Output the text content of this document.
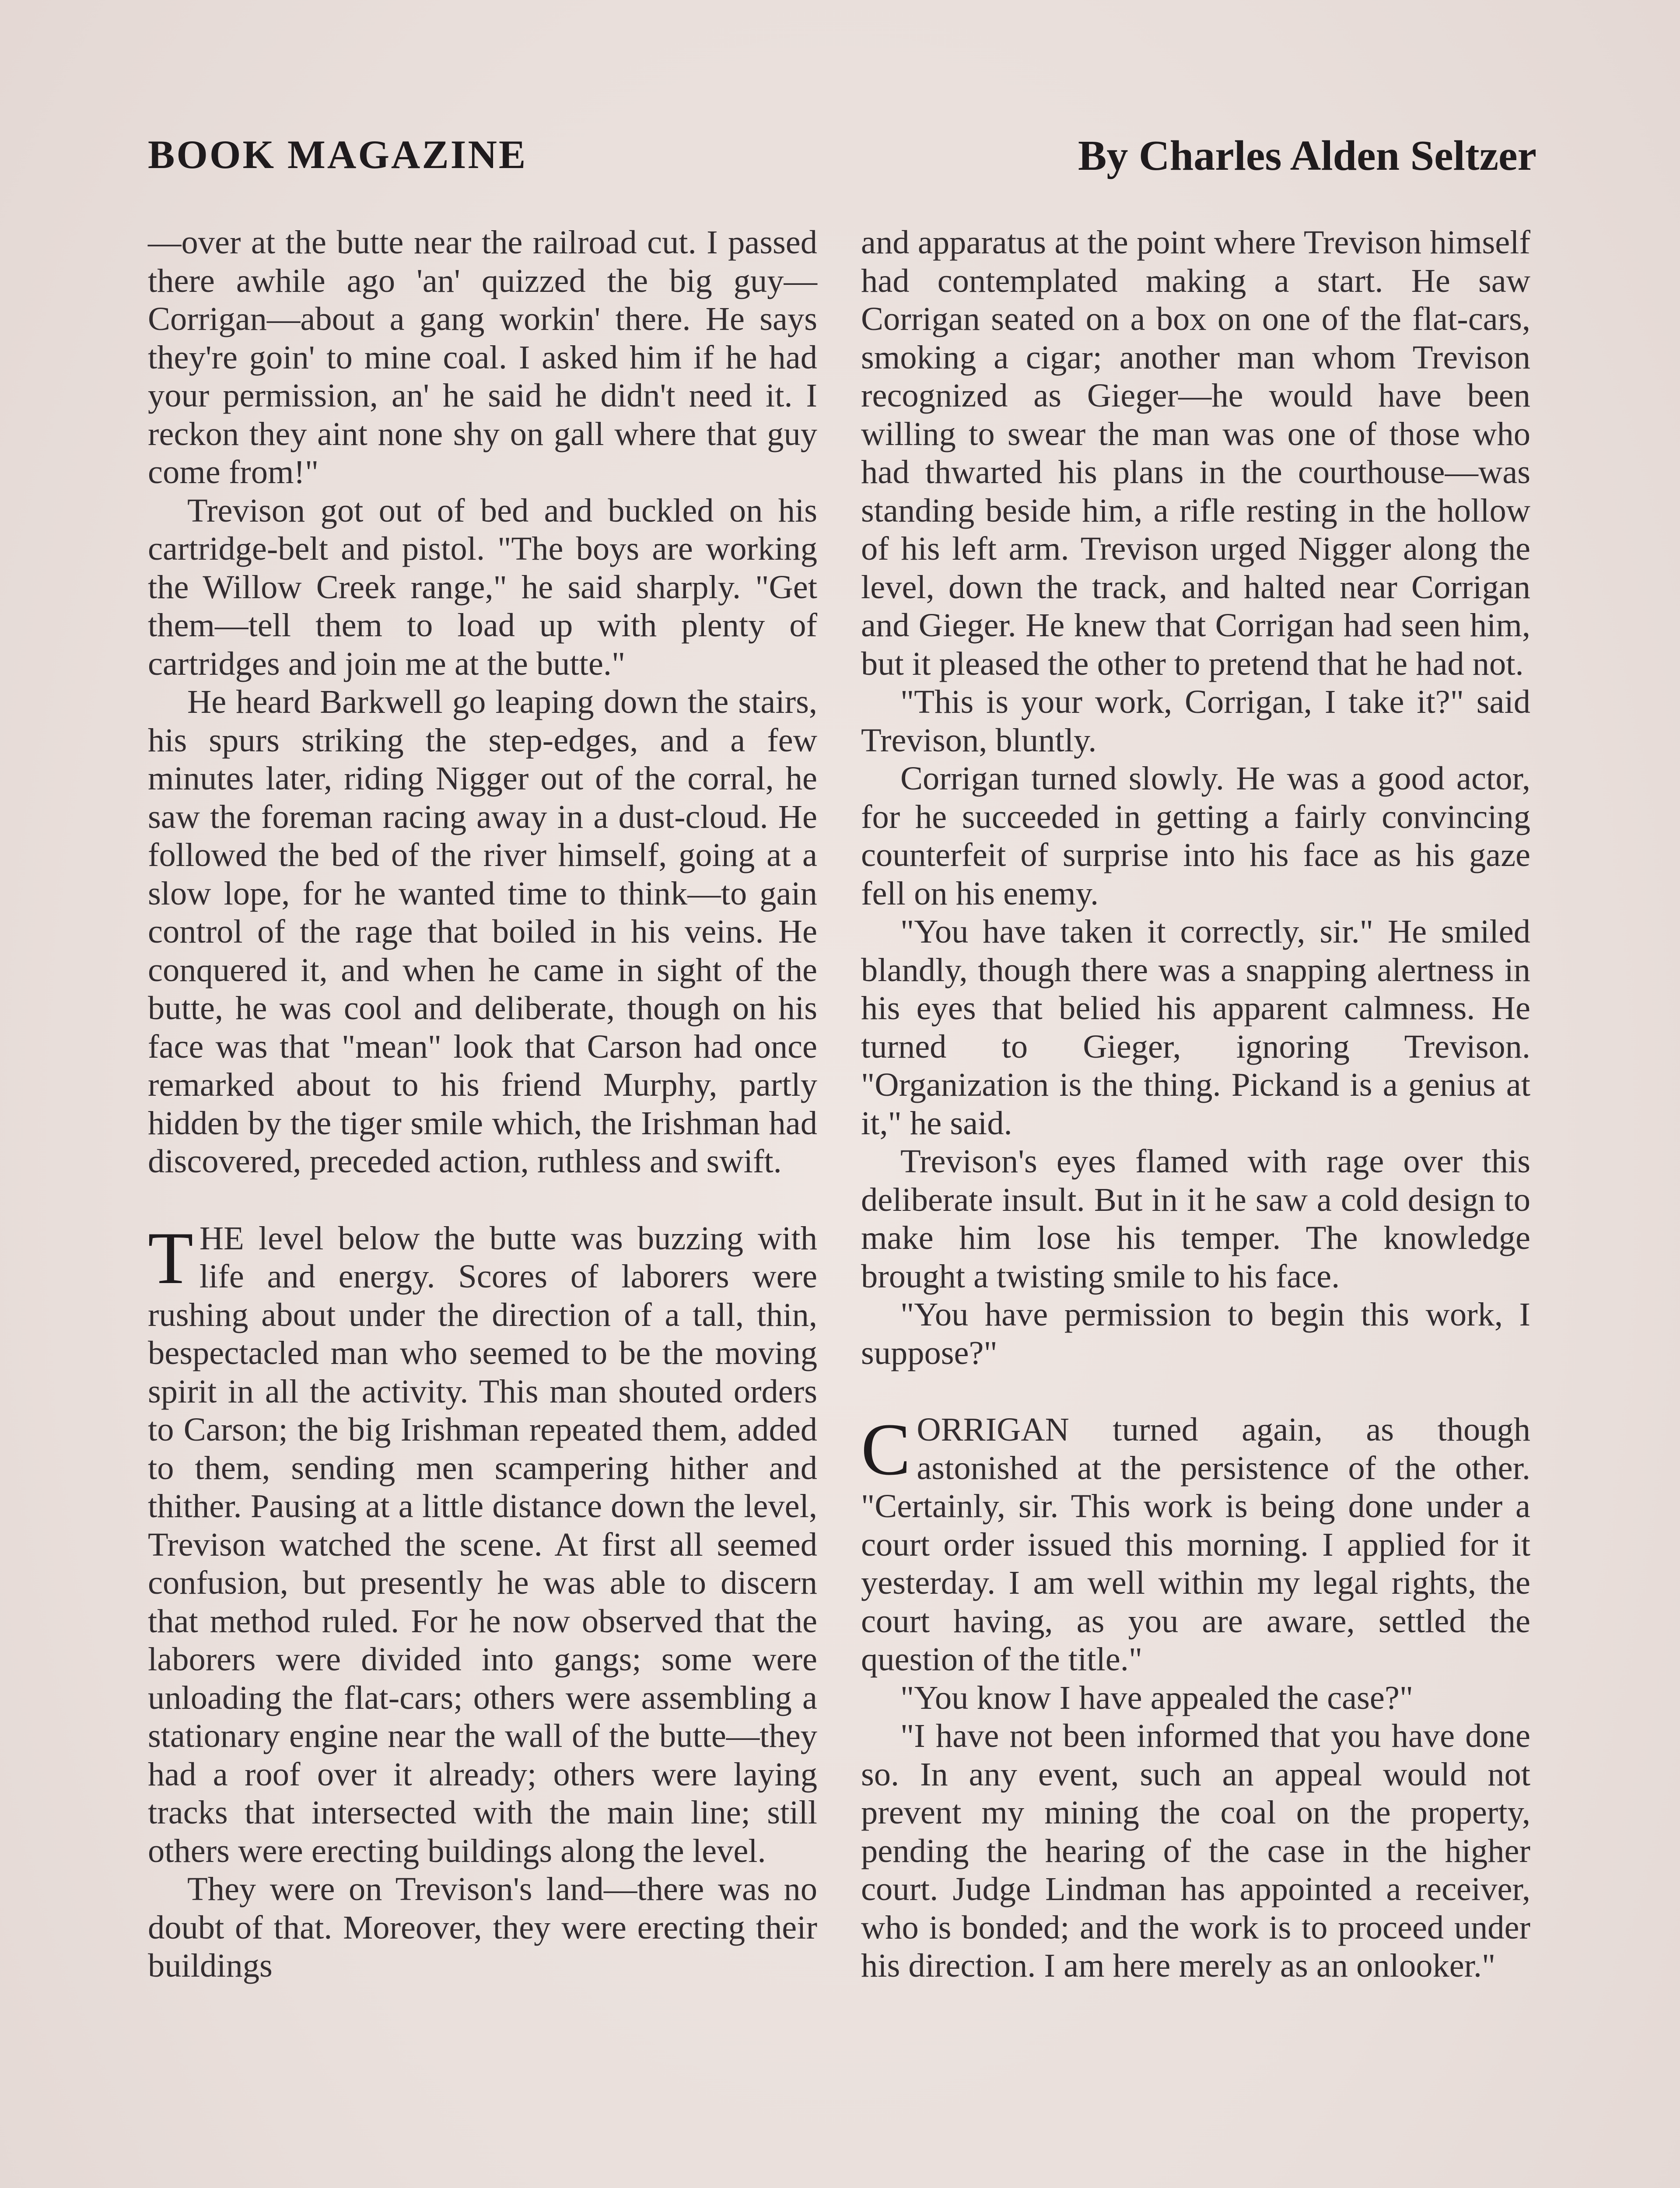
BOOK MAGAZINE	By Charles Alden Seltzer

—over at the butte near the railroad cut. I passed there awhile ago 'an' quizzed the big guy—Corrigan—about a gang workin' there. He says they're goin' to mine coal. I asked him if he had your permission, an' he said he didn't need it. I reckon they aint none shy on gall where that guy come from!"

Trevison got out of bed and buckled on his cartridge-belt and pistol. "The boys are working the Willow Creek range," he said sharply. "Get them—tell them to load up with plenty of cartridges and join me at the butte."

He heard Barkwell go leaping down the stairs, his spurs striking the step-edges, and a few minutes later, riding Nigger out of the corral, he saw the foreman racing away in a dust-cloud. He followed the bed of the river himself, going at a slow lope, for he wanted time to think—to gain control of the rage that boiled in his veins. He conquered it, and when he came in sight of the butte, he was cool and deliberate, though on his face was that "mean" look that Carson had once remarked about to his friend Murphy, partly hidden by the tiger smile which, the Irishman had discovered, preceded action, ruthless and swift.

THE level below the butte was buzzing with life and energy. Scores of laborers were rushing about under the direction of a tall, thin, bespectacled man who seemed to be the moving spirit in all the activity. This man shouted orders to Carson; the big Irishman repeated them, added to them, sending men scampering hither and thither. Pausing at a little distance down the level, Trevison watched the scene. At first all seemed confusion, but presently he was able to discern that method ruled. For he now observed that the laborers were divided into gangs; some were unloading the flat-cars; others were assembling a stationary engine near the wall of the butte—they had a roof over it already; others were laying tracks that intersected with the main line; still others were erecting buildings along the level.

They were on Trevison's land—there was no doubt of that. Moreover, they were erecting their buildings

and apparatus at the point where Trevison himself had contemplated making a start. He saw Corrigan seated on a box on one of the flat-cars, smoking a cigar; another man whom Trevison recognized as Gieger—he would have been willing to swear the man was one of those who had thwarted his plans in the courthouse—was standing beside him, a rifle resting in the hollow of his left arm. Trevison urged Nigger along the level, down the track, and halted near Corrigan and Gieger. He knew that Corrigan had seen him, but it pleased the other to pretend that he had not.

"This is your work, Corrigan, I take it?" said Trevison, bluntly.

Corrigan turned slowly. He was a good actor, for he succeeded in getting a fairly convincing counterfeit of surprise into his face as his gaze fell on his enemy.

"You have taken it correctly, sir." He smiled blandly, though there was a snapping alertness in his eyes that belied his apparent calmness. He turned to Gieger, ignoring Trevison. "Organization is the thing. Pickand is a genius at it," he said.

Trevison's eyes flamed with rage over this deliberate insult. But in it he saw a cold design to make him lose his temper. The knowledge brought a twisting smile to his face.

"You have permission to begin this work, I suppose?"

CORRIGAN turned again, as though astonished at the persistence of the other. "Certainly, sir. This work is being done under a court order issued this morning. I applied for it yesterday. I am well within my legal rights, the court having, as you are aware, settled the question of the title."

"You know I have appealed the case?"

"I have not been informed that you have done so. In any event, such an appeal would not prevent my mining the coal on the property, pending the hearing of the case in the higher court. Judge Lindman has appointed a receiver, who is bonded; and the work is to proceed under his direction. I am here merely as an onlooker."
